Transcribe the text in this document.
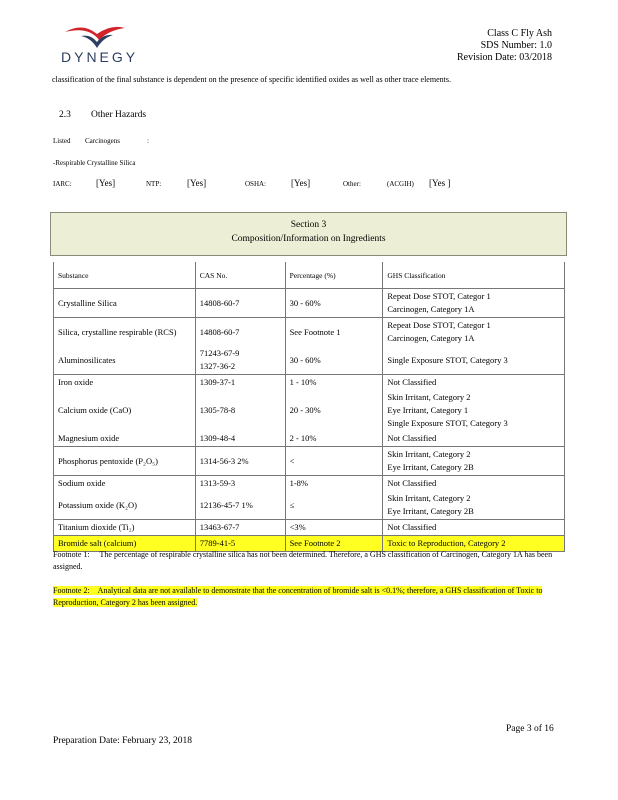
DYNEGY
Class C Fly Ash
SDS Number: 1.0
Revision Date: 03/2018
classification of the final substance is dependent on the presence of specific identified oxides as well as other trace elements.
2.3 Other Hazards
Listed Carcinogens	:
-Respirable Crystalline Silica
IARC:	[Yes]	NTP:	[Yes]	OSHA:	[Yes]	Other:	(ACGIH) [Yes ]
Section 3
Composition/Information on Ingredients
Substance	CAS No.	Percentage (%)	GHS Classification
Crystalline Silica	14808-60-7	30 - 60%	Repeat Dose STOT, Categor 1
Carcinogen, Category 1A
Silica, crystalline respirable (RCS)	14808-60-7	See Footnote 1	Repeat Dose STOT, Categor 1
Carcinogen, Category 1A
Aluminosilicates	71243-67-9
1327-36-2	30 - 60%	Single Exposure STOT, Category 3
Iron oxide	1309-37-1	1 - 10%	Not Classified
Calcium oxide (CaO)	1305-78-8	20 - 30%	Skin Irritant, Category 2
Eye Irritant, Category 1
Single Exposure STOT, Category 3
Magnesium oxide	1309-48-4	2 - 10%	Not Classified
Phosphorus pentoxide (P₂O₅)	1314-56-3 2%	<	Skin Irritant, Category 2
Eye Irritant, Category 2B
Sodium oxide	1313-59-3	1-8%	Not Classified
Potassium oxide (K₂O)	12136-45-7 1%	≤	Skin Irritant, Category 2
Eye Irritant, Category 2B
Titanium dioxide (Ti₂)	13463-67-7	<3%	Not Classified
Bromide salt (calcium)	7789-41-5	See Footnote 2	Toxic to Reproduction, Category 2
Footnote 1: The percentage of respirable crystalline silica has not been determined. Therefore, a GHS classification of Carcinogen, Category 1A has been assigned.
Footnote 2: Analytical data are not available to demonstrate that the concentration of bromide salt is <0.1%; therefore, a GHS classification of Toxic to Reproduction, Category 2 has been assigned.
Page 3 of 16
Preparation Date: February 23, 2018
